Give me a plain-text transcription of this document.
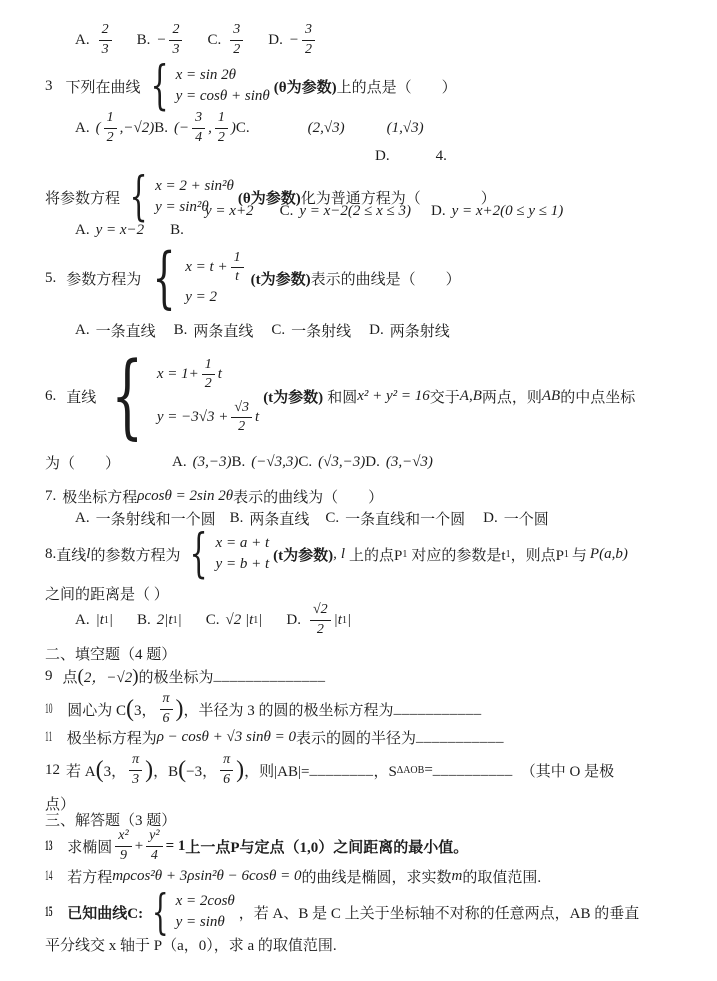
A. $\frac{2}{3} B$. − $\frac{2}{3} C$. $\frac{3}{2} D$. − $\frac{3}{2}$
3 下列在曲线 { x = sin 2θ
y = cosθ + sinθ
(θ为参数) 上的点是（　　）
A. ( $\frac{1}{2} ,-√2$) B. (− $\frac{3}{4}$ , $\frac{1}{2}$ ) C.	(2,√3)	(1,√3)
D.	4.
将参数方程 { x = 2 + sin²θ
y = sin²θ
(θ为参数) 化为普通方程为（　　　　）
y = x+2 C. y = x−2(2 ≤ x ≤ 3) D. y = x+2(0 ≤ y ≤ 1)
A. y = x−2 B.
5. 参数方程为 { $x = t + \frac{1}{t}$
y = 2
(t为参数) 表示的曲线是（　　）
A. 一条直线 B. 两条直线 C. 一条射线 D. 两条射线
6. 直线 { $x = 1+ \frac{1}{2}$ t
$y = -3√3 + \frac{√3}{2}$ t
(t为参数) 和圆 x² + y² = 16 交于 A,B 两点，则 AB 的中点坐标
为（　　）	A. (3,−3) B. (−√3,3) C. (√3,−3) D. (3,−√3)
7. 极坐标方程 ρcosθ = 2sin 2θ 表示的曲线为（　　）
A. 一条射线和一个圆 B. 两条直线 C. 一条直线和一个圆 D. 一个圆
8. 直线 l 的参数方程为 { x = a + t
y = b + t
(t为参数) , l 上的点P 1 对应的参数是t 1 ，则点P 1 与 P(a,b)
之间的距离是（ ）
A. |t 1 | B. 2|t 1 | C. √2 |t 1 | D. $\frac{√2}{2} |t$ 1 |
二、填空题（4 题）
9 点 ( 2，−√2 ) 的极坐标为 ______________
10 圆心为 C ( 3， $\frac{\pi}{6}$ ) ，半径为 3 的圆的极坐标方程为 ___________
11 极坐标方程为 ρ − cosθ + √3 sinθ = 0 表示的圆的半径为 ___________
12 若 A ( 3， $\frac{\pi}{3}$ ) ，B ( −3， $\frac{\pi}{6}$ ) ，则|AB|= ________ ，S ΔAOB = __________ （其中 O 是极
点）
三、解答题（3 题）
13 求椭圆 $\frac{\text{x²}}{9} + \frac{\text{y²}}{4} = 1$ 上一点P与定点（1,0）之间距离的最小值。
14 若方程 mρcos²θ + 3ρsin²θ − 6cosθ = 0 的曲线是椭圆，求实数 m 的取值范围.
15 已知曲线C: { x = 2cosθ
y = sinθ
，若 A、B 是 C 上关于坐标轴不对称的任意两点，AB 的垂直
平分线交 x 轴于 P（a，0），求 a 的取值范围.
